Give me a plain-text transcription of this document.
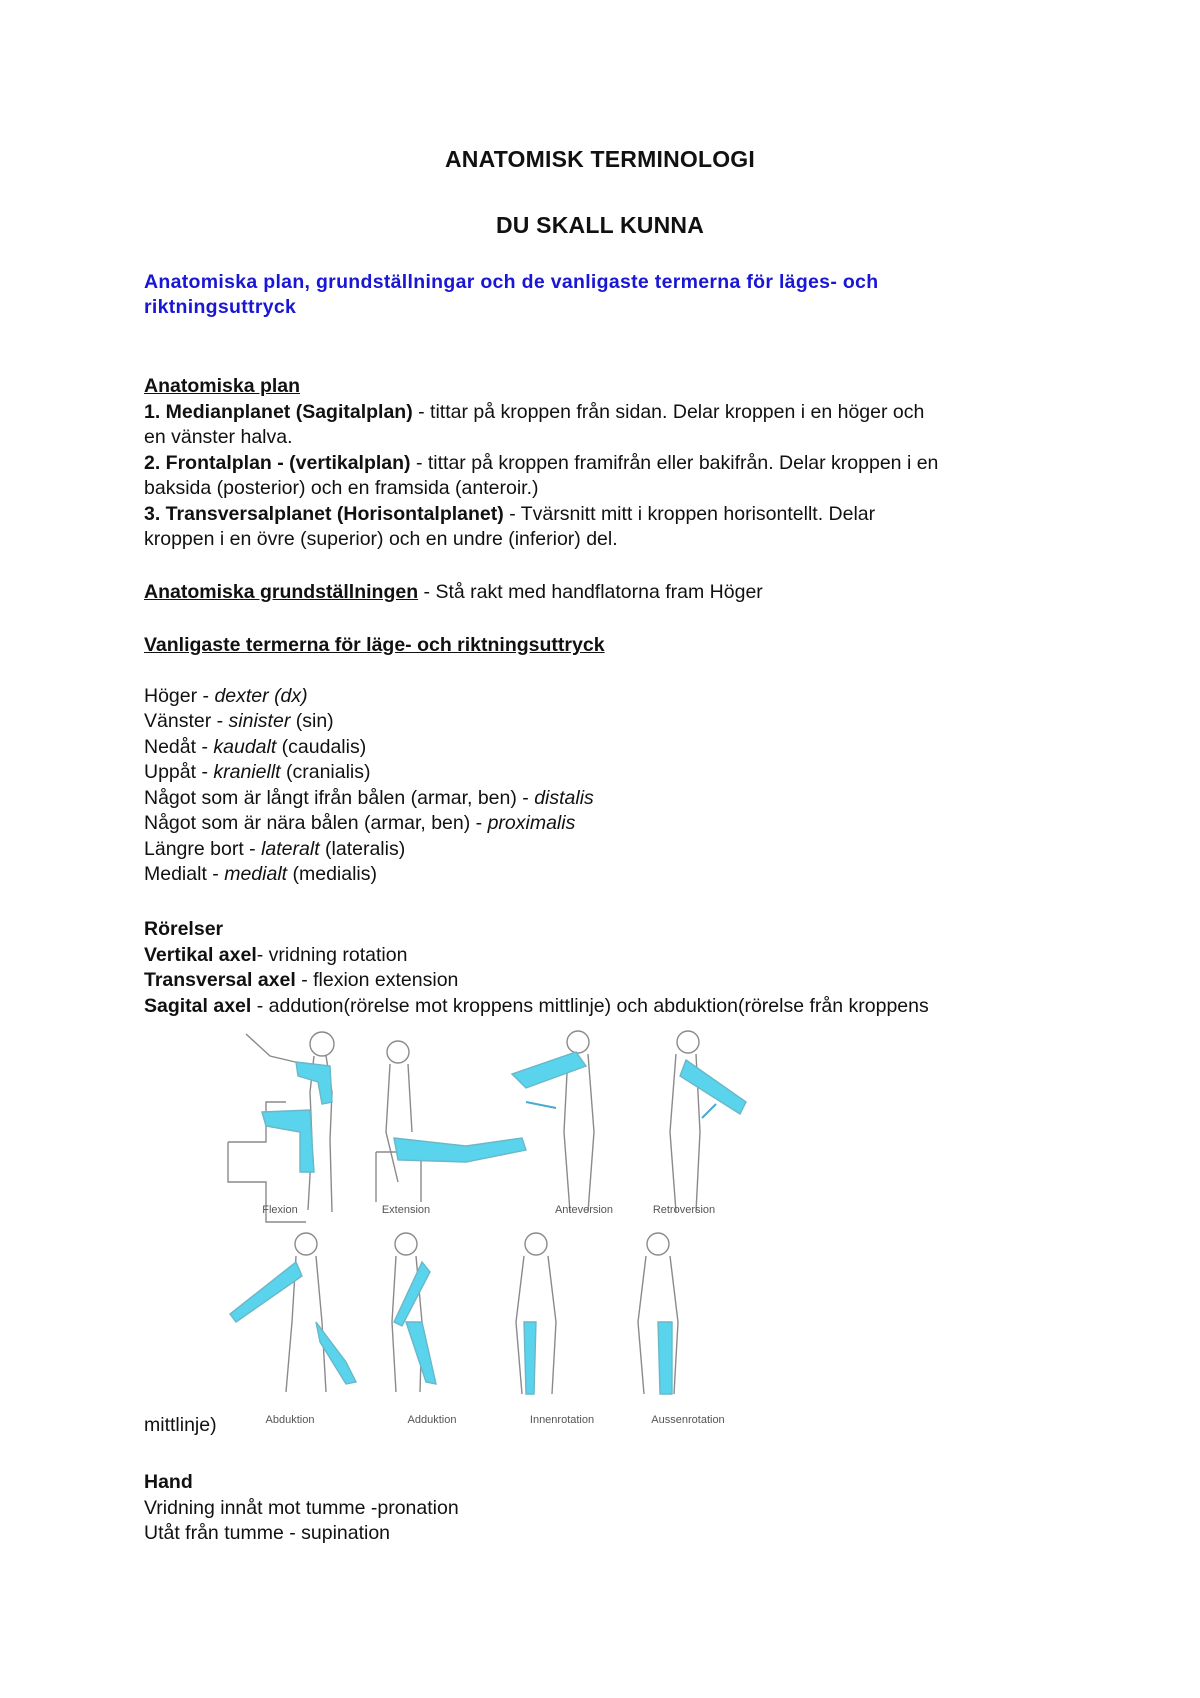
ANATOMISK TERMINOLOGI
DU SKALL KUNNA
Anatomiska plan, grundställningar och de vanligaste termerna för läges- och
riktningsuttryck
Anatomiska plan
1. Medianplanet (Sagitalplan) - tittar på kroppen från sidan. Delar kroppen i en höger och
en vänster halva.
2. Frontalplan - (vertikalplan) - tittar på kroppen framifrån eller bakifrån. Delar kroppen i en
baksida (posterior) och en framsida (anteroir.)
3. Transversalplanet (Horisontalplanet) - Tvärsnitt mitt i kroppen horisontellt. Delar
kroppen i en övre (superior) och en undre (inferior) del.
Anatomiska grundställningen - Stå rakt med handflatorna fram Höger
Vanligaste termerna för läge- och riktningsuttryck
Höger - dexter (dx)
Vänster - sinister (sin)
Nedåt - kaudalt (caudalis)
Uppåt - kraniellt (cranialis)
Något som är långt ifrån bålen (armar, ben) - distalis
Något som är nära bålen (armar, ben) - proximalis
Längre bort - lateralt (lateralis)
Medialt - medialt (medialis)
Rörelser
Vertikal axel- vridning rotation
Transversal axel - flexion extension
Sagital axel - addution(rörelse mot kroppens mittlinje) och abduktion(rörelse från kroppens
Flexion	Extension	Anteversion	Retroversion
Abduktion	Adduktion	Innenrotation	Aussenrotation
mittlinje)
Hand
Vridning innåt mot tumme -pronation
Utåt från tumme - supination
